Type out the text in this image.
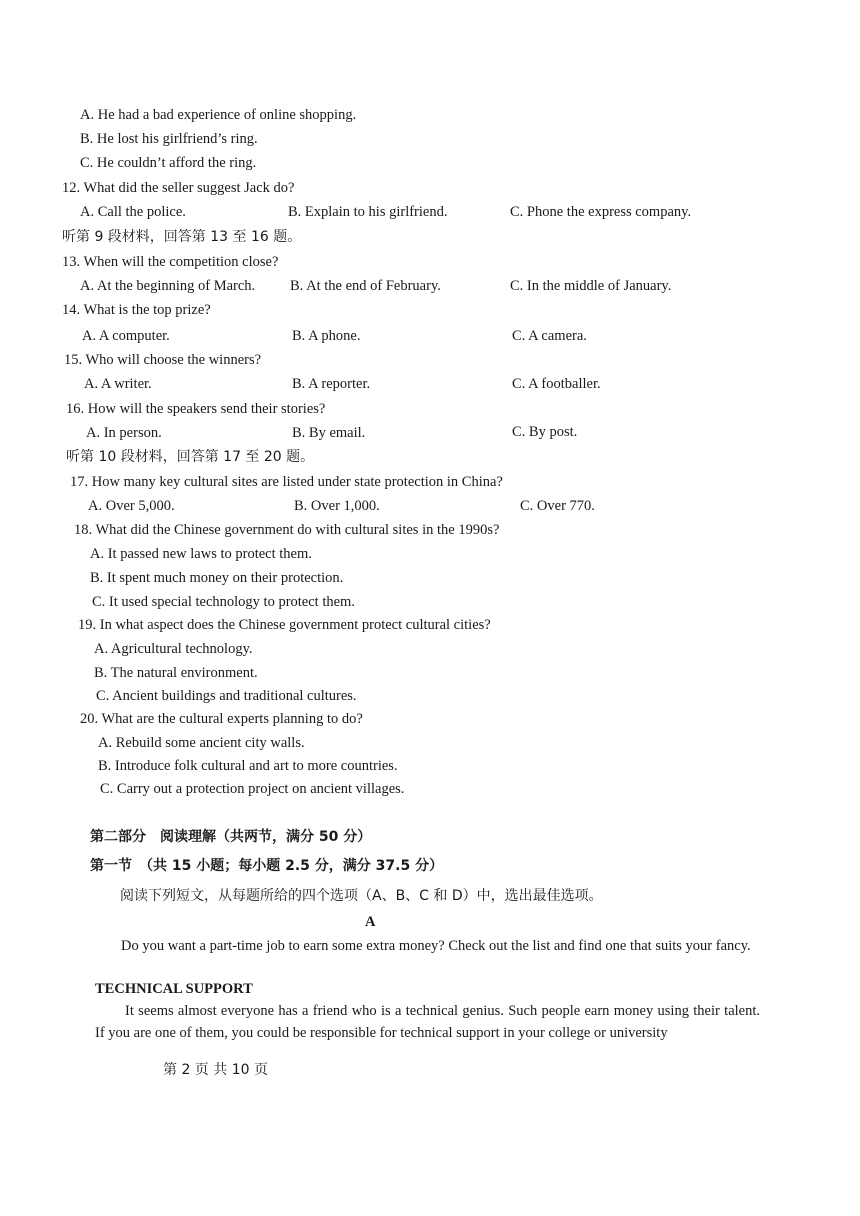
A. He had a bad experience of online shopping.
B. He lost his girlfriend’s ring.
C. He couldn’t afford the ring.
12. What did the seller suggest Jack do?
A. Call the police.	B. Explain to his girlfriend.	C. Phone the express company.
听第 9 段材料，回答第 13 至 16 题。
13. When will the competition close?
A. At the beginning of March. B. At the end of February.	C. In the middle of January.
14. What is the top prize?
A. A computer.	B. A phone.	C. A camera.
15. Who will choose the winners?
A. A writer.	B. A reporter.	C. A footballer.
16. How will the speakers send their stories?
A. In person.	B. By email.	C. By post.
听第 10 段材料，回答第 17 至 20 题。
17. How many key cultural sites are listed under state protection in China?
A. Over 5,000.	B. Over 1,000.	C. Over 770.
18. What did the Chinese government do with cultural sites in the 1990s?
A. It passed new laws to protect them.
B. It spent much money on their protection.
C. It used special technology to protect them.
19. In what aspect does the Chinese government protect cultural cities?
A. Agricultural technology.
B. The natural environment.
C. Ancient buildings and traditional cultures.
20. What are the cultural experts planning to do?
A. Rebuild some ancient city walls.
B. Introduce folk cultural and art to more countries.
C. Carry out a protection project on ancient villages.
第二部分　阅读理解（共两节，满分 50 分）
第一节　（共 15 小题；每小题 2.5 分，满分 37.5 分）
阅读下列短文，从每题所给的四个选项（A、B、C 和 D）中，选出最佳选项。
A
Do you want a part-time job to earn some extra money? Check out the list and find one that suits your fancy.
TECHNICAL SUPPORT
It seems almost everyone has a friend who is a technical genius. Such people earn money using their talent. If you are one of them, you could be responsible for technical support in your college or university
第 2 页 共 10 页
